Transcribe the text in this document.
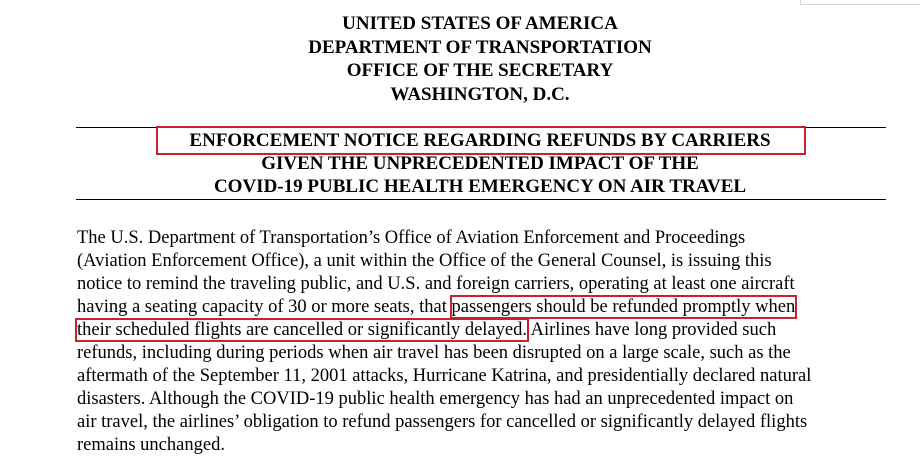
UNITED STATES OF AMERICA
DEPARTMENT OF TRANSPORTATION
OFFICE OF THE SECRETARY
WASHINGTON, D.C.
ENFORCEMENT NOTICE REGARDING REFUNDS BY CARRIERS
GIVEN THE UNPRECEDENTED IMPACT OF THE
COVID-19 PUBLIC HEALTH EMERGENCY ON AIR TRAVEL
The U.S. Department of Transportation’s Office of Aviation Enforcement and Proceedings
(Aviation Enforcement Office), a unit within the Office of the General Counsel, is issuing this
notice to remind the traveling public, and U.S. and foreign carriers, operating at least one aircraft
having a seating capacity of 30 or more seats, that passengers should be refunded promptly when
their scheduled flights are cancelled or significantly delayed. Airlines have long provided such
refunds, including during periods when air travel has been disrupted on a large scale, such as the
aftermath of the September 11, 2001 attacks, Hurricane Katrina, and presidentially declared natural
disasters. Although the COVID-19 public health emergency has had an unprecedented impact on
air travel, the airlines’ obligation to refund passengers for cancelled or significantly delayed flights
remains unchanged.
